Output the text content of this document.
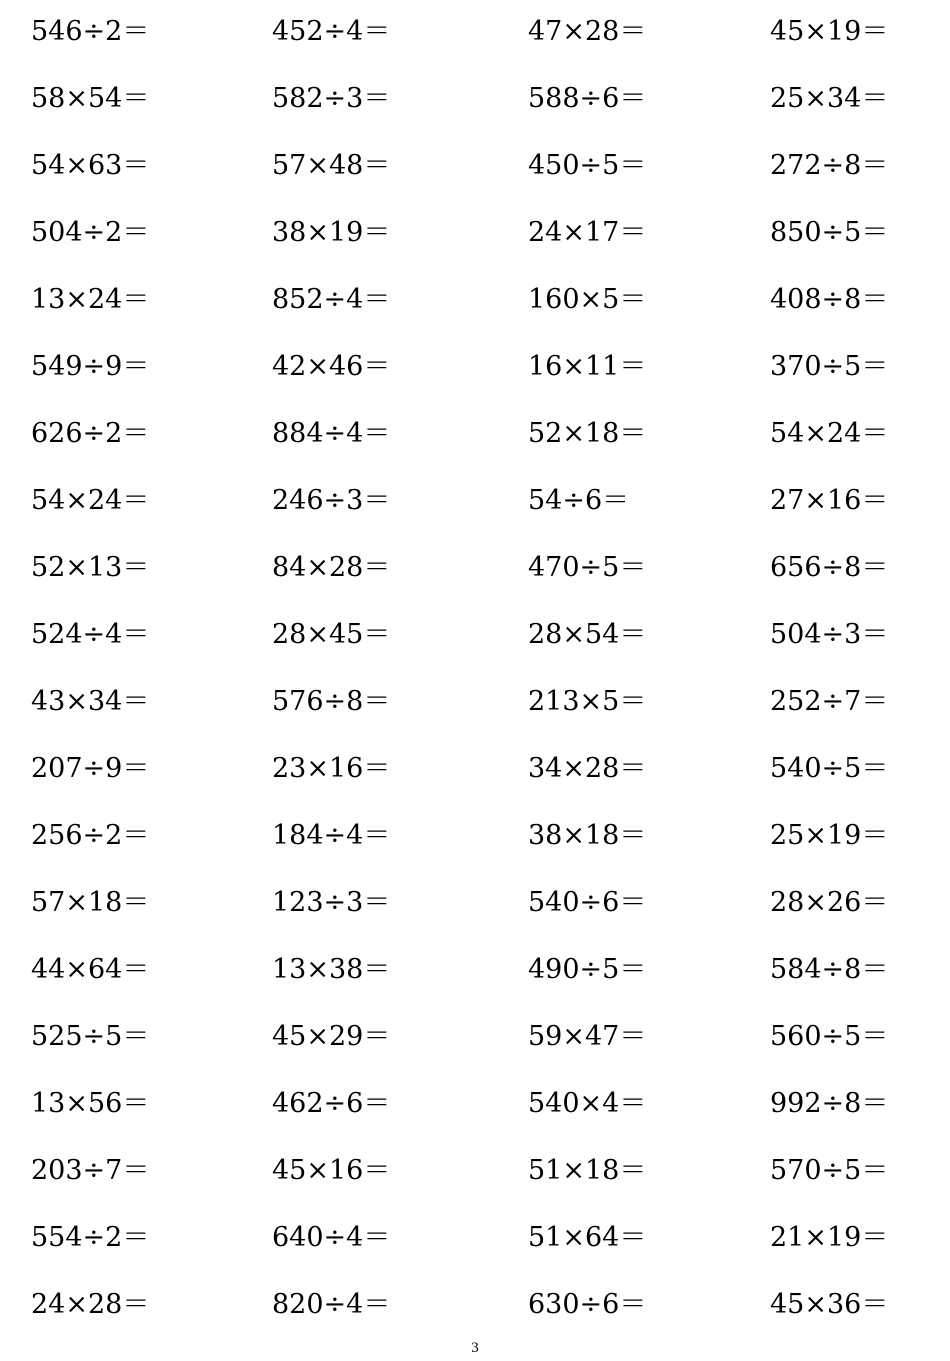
546÷2＝	452÷4＝	47×28＝	45×19＝
58×54＝	582÷3＝	588÷6＝	25×34＝
54×63＝	57×48＝	450÷5＝	272÷8＝
504÷2＝	38×19＝	24×17＝	850÷5＝
13×24＝	852÷4＝	160×5＝	408÷8＝
549÷9＝	42×46＝	16×11＝	370÷5＝
626÷2＝	884÷4＝	52×18＝	54×24＝
54×24＝	246÷3＝	54÷6＝	27×16＝
52×13＝	84×28＝	470÷5＝	656÷8＝
524÷4＝	28×45＝	28×54＝	504÷3＝
43×34＝	576÷8＝	213×5＝	252÷7＝
207÷9＝	23×16＝	34×28＝	540÷5＝
256÷2＝	184÷4＝	38×18＝	25×19＝
57×18＝	123÷3＝	540÷6＝	28×26＝
44×64＝	13×38＝	490÷5＝	584÷8＝
525÷5＝	45×29＝	59×47＝	560÷5＝
13×56＝	462÷6＝	540×4＝	992÷8＝
203÷7＝	45×16＝	51×18＝	570÷5＝
554÷2＝	640÷4＝	51×64＝	21×19＝
24×28＝	820÷4＝	630÷6＝	45×36＝
3
